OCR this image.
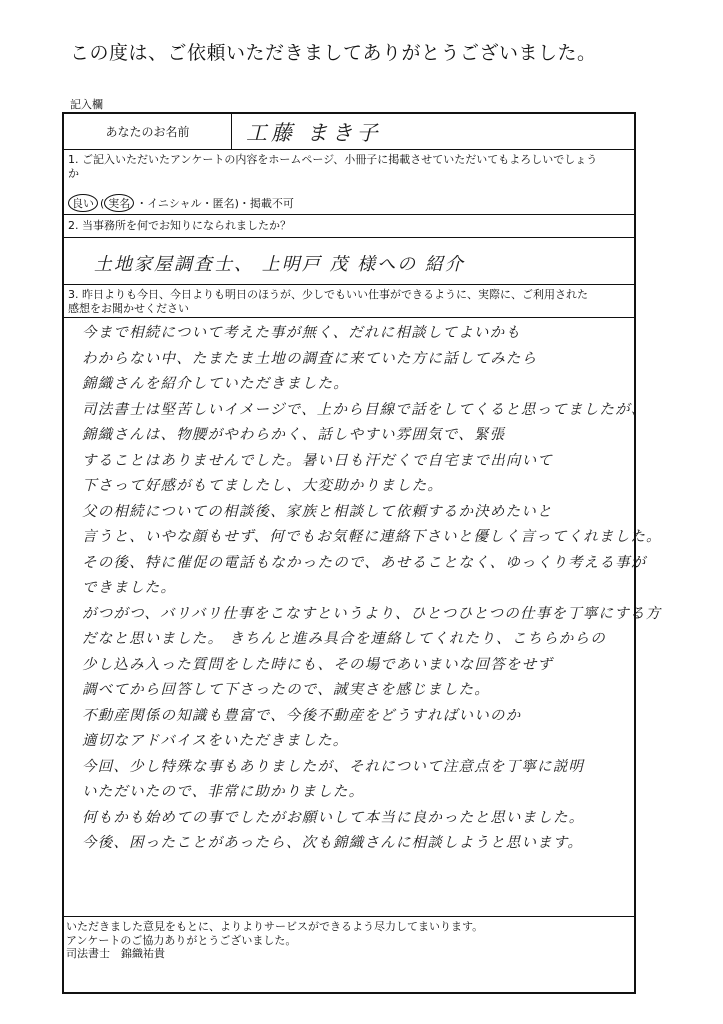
この度は、ご依頼いただきましてありがとうございました。
記入欄
あなたのお名前	工藤 まき子
1. ご記入いただいたアンケートの内容をホームページ、小冊子に掲載させていただいてもよろしいでしょうか
良い ( 実名 ・イニシャル・匿名)・掲載不可
2. 当事務所を何でお知りになられましたか？
土地家屋調査士、 上明戸 茂 様への 紹介
3. 昨日よりも今日、今日よりも明日のほうが、少しでもいい仕事ができるように、実際に、ご利用された感想をお聞かせください
今まで相続について考えた事が無く、だれに相談してよいかも
わからない中、たまたま土地の調査に来ていた方に話してみたら
錦織さんを紹介していただきました。
司法書士は堅苦しいイメージで、上から目線で話をしてくると思ってましたが、
錦織さんは、物腰がやわらかく、話しやすい雰囲気で、緊張
することはありませんでした。暑い日も汗だくで自宅まで出向いて
下さって好感がもてましたし、大変助かりました。
父の相続についての相談後、家族と相談して依頼するか決めたいと
言うと、いやな顔もせず、何でもお気軽に連絡下さいと優しく言ってくれました。
その後、特に催促の電話もなかったので、あせることなく、ゆっくり考える事が
できました。
がつがつ、バリバリ仕事をこなすというより、ひとつひとつの仕事を丁寧にする方
だなと思いました。 きちんと進み具合を連絡してくれたり、こちらからの
少し込み入った質問をした時にも、その場であいまいな回答をせず
調べてから回答して下さったので、誠実さを感じました。
不動産関係の知識も豊富で、今後不動産をどうすればいいのか
適切なアドバイスをいただきました。
今回、少し特殊な事もありましたが、それについて注意点を丁寧に説明
いただいたので、非常に助かりました。
何もかも始めての事でしたがお願いして本当に良かったと思いました。
今後、困ったことがあったら、次も錦織さんに相談しようと思います。
いただきました意見をもとに、よりよりサービスができるよう尽力してまいります。
アンケートのご協力ありがとうございました。
司法書士　錦織祐貴
